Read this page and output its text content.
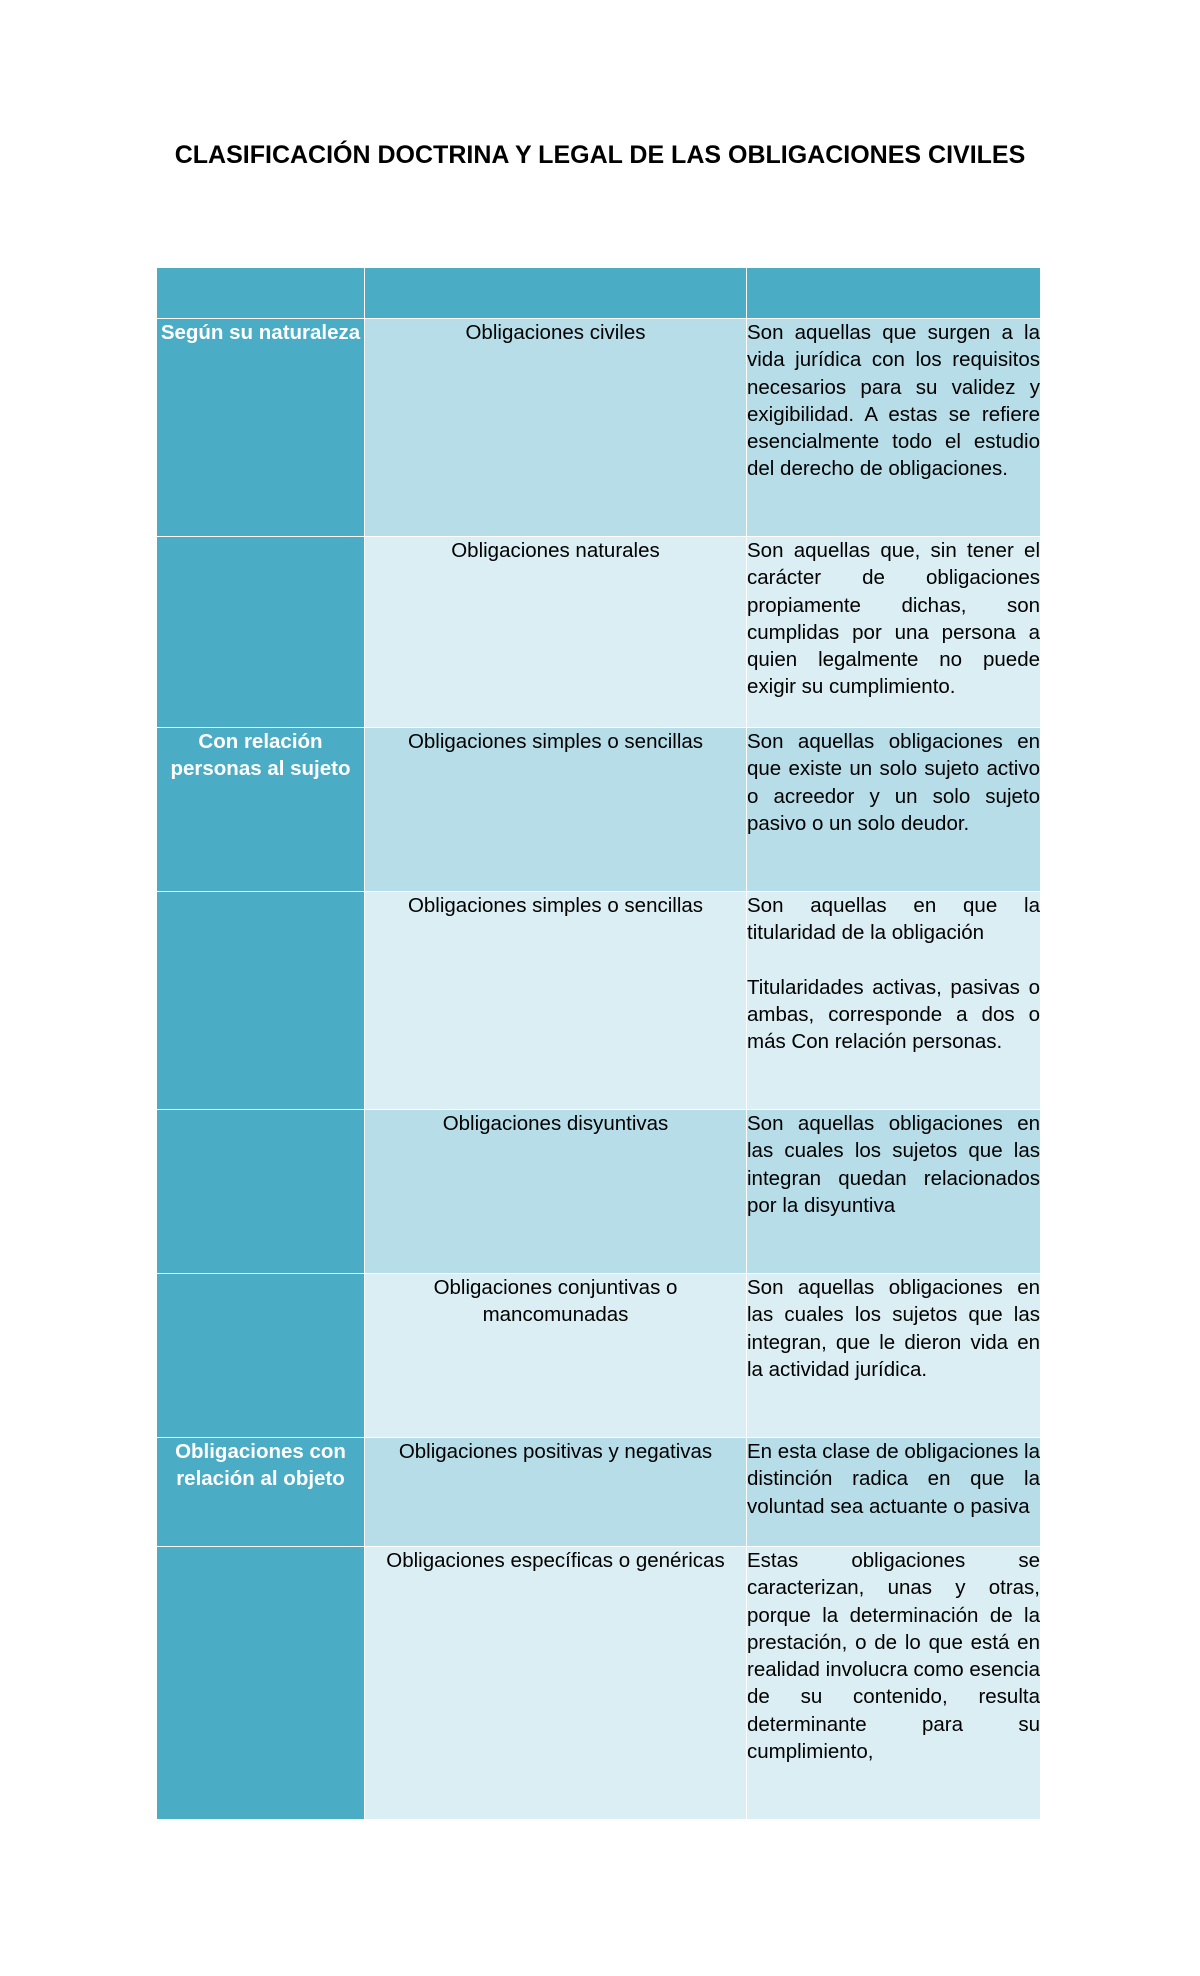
CLASIFICACIÓN DOCTRINA Y LEGAL DE LAS OBLIGACIONES CIVILES

Según su naturaleza	Obligaciones civiles	Son aquellas que surgen a la vida jurídica con los requisitos necesarios para su validez y exigibilidad. A estas se refiere esencialmente todo el estudio del derecho de obligaciones.
	Obligaciones naturales	Son aquellas que, sin tener el carácter de obligaciones propiamente dichas, son cumplidas por una persona a quien legalmente no puede exigir su cumplimiento.
Con relación personas al sujeto	Obligaciones simples o sencillas	Son aquellas obligaciones en que existe un solo sujeto activo o acreedor y un solo sujeto pasivo o un solo deudor.
	Obligaciones simples o sencillas	Son aquellas en que la titularidad de la obligación

Titularidades activas, pasivas o ambas, corresponde a dos o más Con relación personas.

	Obligaciones disyuntivas	Son aquellas obligaciones en las cuales los sujetos que las integran quedan relacionados por la disyuntiva
	Obligaciones conjuntivas o mancomunadas	Son aquellas obligaciones en las cuales los sujetos que las integran, que le dieron vida en la actividad jurídica.
Obligaciones con relación al objeto	Obligaciones positivas y negativas	En esta clase de obligaciones la distinción radica en que la voluntad sea actuante o pasiva
	Obligaciones específicas o genéricas	Estas obligaciones se caracterizan, unas y otras, porque la determinación de la prestación, o de lo que está en realidad involucra como esencia de su contenido, resulta determinante para su cumplimiento,
